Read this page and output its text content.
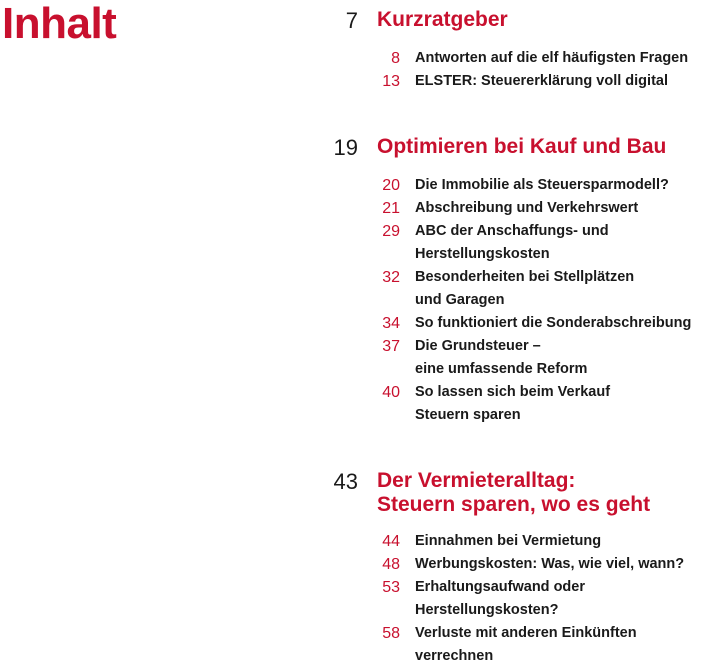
Inhalt	7 Kurzratgeber
8 Antworten auf die elf häufigsten Fragen
13 ELSTER: Steuererklärung voll digital
19 Optimieren bei Kauf und Bau
20 Die Immobilie als Steuersparmodell?
21 Abschreibung und Verkehrswert
29 ABC der Anschaffungs- und
Herstellungskosten
32 Besonderheiten bei Stellplätzen
und Garagen
34 So funktioniert die Sonderabschreibung
37 Die Grundsteuer –
eine umfassende Reform
40 So lassen sich beim Verkauf
Steuern sparen
43 Der Vermieteralltag:
Steuern sparen, wo es geht
44 Einnahmen bei Vermietung
48 Werbungskosten: Was, wie viel, wann?
53 Erhaltungsaufwand oder
Herstellungskosten?
58 Verluste mit anderen Einkünften
verrechnen
